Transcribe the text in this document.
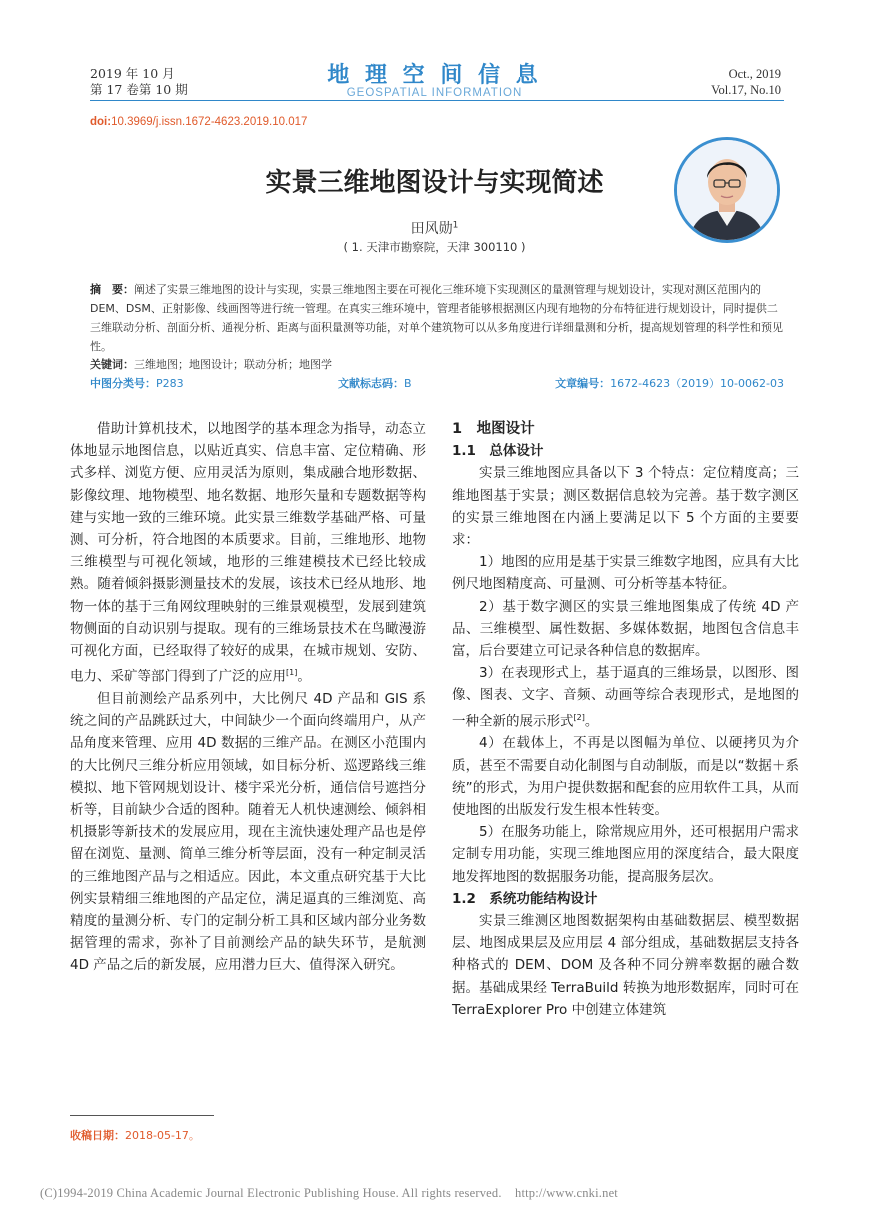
2019 年 10 月
第 17 卷第 10 期
地 理 空 间 信 息
GEOSPATIAL INFORMATION
Oct., 2019
Vol.17, No.10
doi:10.3969/j.issn.1672-4623.2019.10.017
实景三维地图设计与实现简述
田风勋$^1$
( 1. 天津市勘察院，天津 300110 )
摘　要：阐述了实景三维地图的设计与实现，实景三维地图主要在可视化三维环境下实现测区的量测管理与规划设计，实现对测区范围内的 DEM、DSM、正射影像、线画图等进行统一管理。在真实三维环境中，管理者能够根据测区内现有地物的分布特征进行规划设计，同时提供二三维联动分析、剖面分析、通视分析、距离与面积量测等功能，对单个建筑物可以从多角度进行详细量测和分析，提高规划管理的科学性和预见性。
关键词：三维地图；地图设计；联动分析；地图学
中图分类号：P283	文献标志码：B	文章编号：1672-4623（2019）10-0062-03

借助计算机技术，以地图学的基本理念为指导，动态立体地显示地图信息，以贴近真实、信息丰富、定位精确、形式多样、浏览方便、应用灵活为原则，集成融合地形数据、影像纹理、地物模型、地名数据、地形矢量和专题数据等构建与实地一致的三维环境。此实景三维数学基础严格、可量测、可分析，符合地图的本质要求。目前，三维地形、地物三维模型与可视化领域，地形的三维建模技术已经比较成熟。随着倾斜摄影测量技术的发展，该技术已经从地形、地物一体的基于三角网纹理映射的三维景观模型，发展到建筑物侧面的自动识别与提取。现有的三维场景技术在鸟瞰漫游可视化方面，已经取得了较好的成果，在城市规划、安防、电力、采矿等部门得到了广泛的应用[1]。

但目前测绘产品系列中，大比例尺 4D 产品和 GIS 系统之间的产品跳跃过大，中间缺少一个面向终端用户，从产品角度来管理、应用 4D 数据的三维产品。在测区小范围内的大比例尺三维分析应用领域，如目标分析、巡逻路线三维模拟、地下管网规划设计、楼宇采光分析，通信信号遮挡分析等，目前缺少合适的图种。随着无人机快速测绘、倾斜相机摄影等新技术的发展应用，现在主流快速处理产品也是停留在浏览、量测、简单三维分析等层面，没有一种定制灵活的三维地图产品与之相适应。因此，本文重点研究基于大比例实景精细三维地图的产品定位，满足逼真的三维浏览、高精度的量测分析、专门的定制分析工具和区域内部分业务数据管理的需求，弥补了目前测绘产品的缺失环节，是航测 4D 产品之后的新发展，应用潜力巨大、值得深入研究。

1　地图设计

1.1　总体设计

实景三维地图应具备以下 3 个特点：定位精度高；三维地图基于实景；测区数据信息较为完善。基于数字测区的实景三维地图在内涵上要满足以下 5 个方面的主要要求：

1）地图的应用是基于实景三维数字地图，应具有大比例尺地图精度高、可量测、可分析等基本特征。

2）基于数字测区的实景三维地图集成了传统 4D 产品、三维模型、属性数据、多媒体数据，地图包含信息丰富，后台要建立可记录各种信息的数据库。

3）在表现形式上，基于逼真的三维场景，以图形、图像、图表、文字、音频、动画等综合表现形式，是地图的一种全新的展示形式[2]。

4）在载体上，不再是以图幅为单位、以硬拷贝为介质，甚至不需要自动化制图与自动制版，而是以“数据＋系统”的形式，为用户提供数据和配套的应用软件工具，从而使地图的出版发行发生根本性转变。

5）在服务功能上，除常规应用外，还可根据用户需求定制专用功能，实现三维地图应用的深度结合，最大限度地发挥地图的数据服务功能，提高服务层次。

1.2　系统功能结构设计

实景三维测区地图数据架构由基础数据层、模型数据层、地图成果层及应用层 4 部分组成，基础数据层支持各种格式的 DEM、DOM 及各种不同分辨率数据的融合数据。基础成果经 TerraBuild 转换为地形数据库，同时可在 TerraExplorer Pro 中创建立体建筑

收稿日期：2018-05-17。
(C)1994-2019 China Academic Journal Electronic Publishing House. All rights reserved.    http://www.cnki.net
